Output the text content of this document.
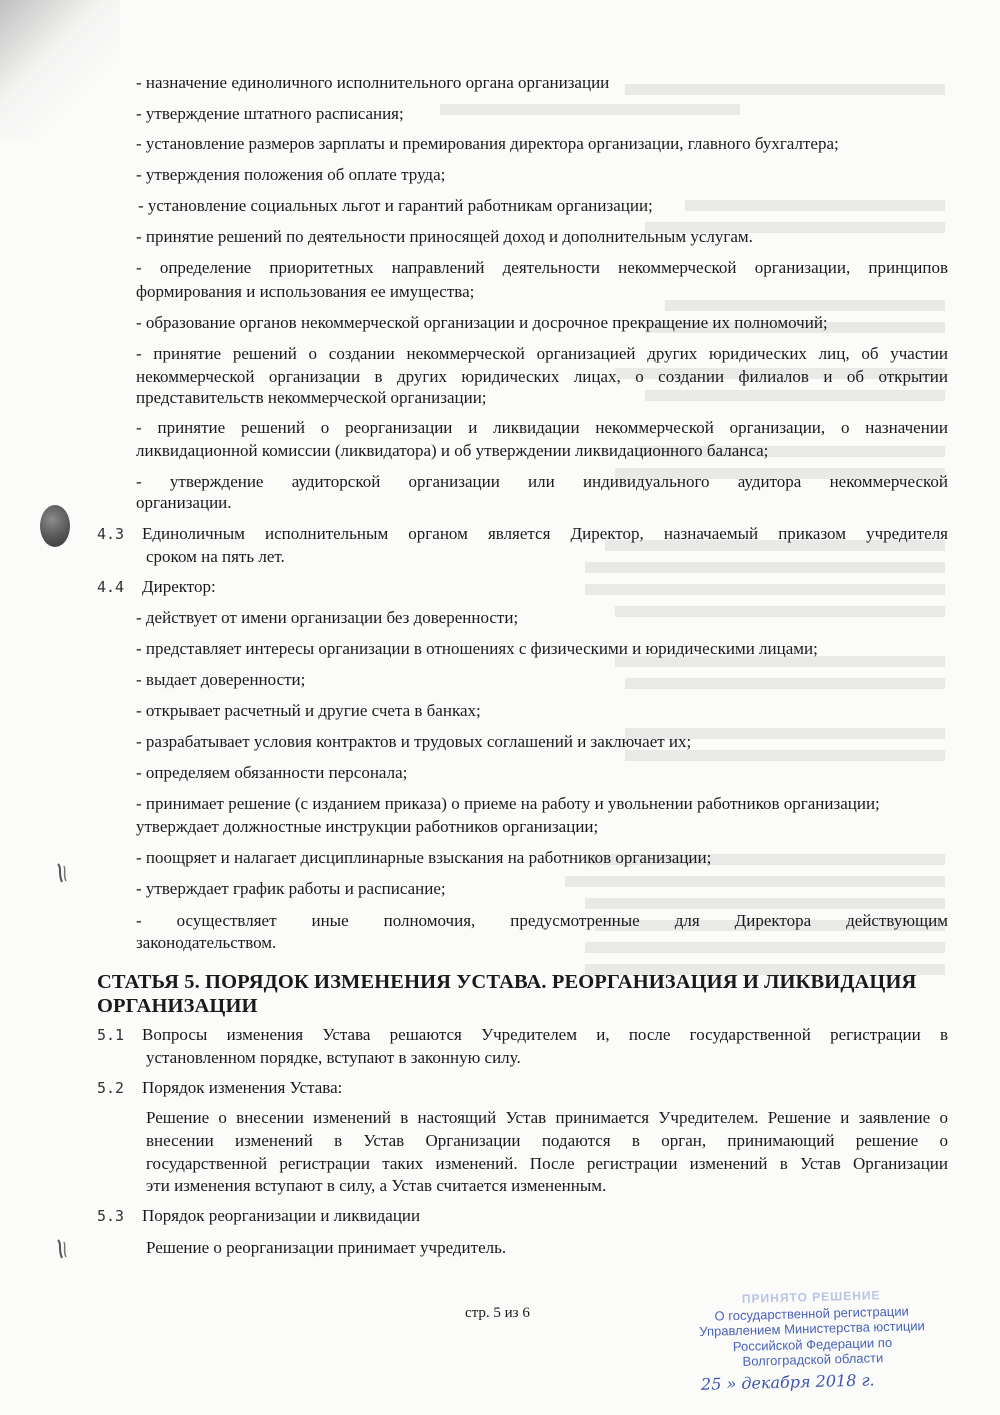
- назначение единоличного исполнительного органа организации
- утверждение штатного расписания;
- установление размеров зарплаты и премирования директора организации, главного бухгалтера;
- утверждения положения об оплате труда;
- установление социальных льгот и гарантий работникам организации;
- принятие решений по деятельности приносящей доход и дополнительным услугам.
- определение приоритетных направлений деятельности некоммерческой организации, принципов
формирования и использования ее имущества;
- образование органов некоммерческой организации и досрочное прекращение их полномочий;
- принятие решений о создании некоммерческой организацией других юридических лиц, об участии
некоммерческой организации в других юридических лицах, о создании филиалов и об открытии
представительств некоммерческой организации;
- принятие решений о реорганизации и ликвидации некоммерческой организации, о назначении
ликвидационной комиссии (ликвидатора) и об утверждении ликвидационного баланса;
- утверждение аудиторской организации или индивидуального аудитора некоммерческой
организации.
4.3 Единоличным исполнительным органом является Директор, назначаемый приказом учредителя
сроком на пять лет.
4.4 Директор:
- действует от имени организации без доверенности;
- представляет интересы организации в отношениях с физическими и юридическими лицами;
- выдает доверенности;
- открывает расчетный и другие счета в банках;
- разрабатывает условия контрактов и трудовых соглашений и заключает их;
- определяем обязанности персонала;
- принимает решение (с изданием приказа) о приеме на работу и увольнении работников организации;
утверждает должностные инструкции работников организации;
- поощряет и налагает дисциплинарные взыскания на работников организации;
- утверждает график работы и расписание;
- осуществляет иные полномочия, предусмотренные для Директора действующим
законодательством.
СТАТЬЯ 5. ПОРЯДОК ИЗМЕНЕНИЯ УСТАВА. РЕОРГАНИЗАЦИЯ И ЛИКВИДАЦИЯ ОРГАНИЗАЦИИ
5.1 Вопросы изменения Устава решаются Учредителем и, после государственной регистрации в
установленном порядке, вступают в законную силу.
5.2 Порядок изменения Устава:
Решение о внесении изменений в настоящий Устав принимается Учредителем. Решение и заявление о
внесении изменений в Устав Организации подаются в орган, принимающий решение о
государственной регистрации таких изменений. После регистрации изменений в Устав Организации
эти изменения вступают в силу, а Устав считается измененным.
5.3 Порядок реорганизации и ликвидации
Решение о реорганизации принимает учредитель.
стр. 5 из 6
ПРИНЯТО РЕШЕНИЕ
О государственной регистрации
Управлением Министерства юстиции
Российской Федерации по
Волгоградской области
25 » декабря 2018 г.
